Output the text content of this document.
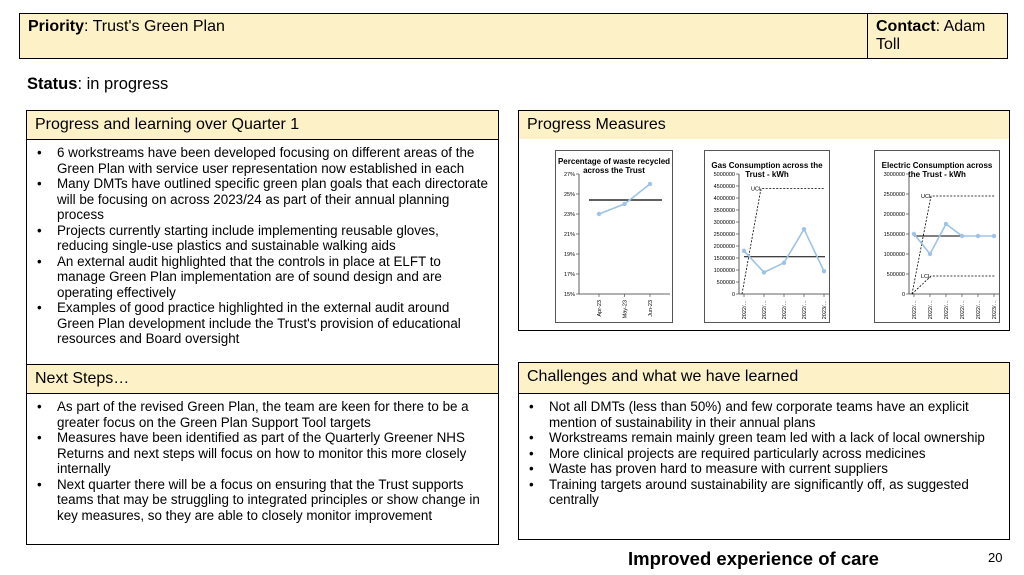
Priority: Trust's Green Plan	Contact: Adam Toll
Status: in progress
Progress and learning over Quarter 1
• 6 workstreams have been developed focusing on different areas of the Green Plan with service user representation now established in each
• Many DMTs have outlined specific green plan goals that each directorate will be focusing on across 2023/24 as part of their annual planning process
• Projects currently starting include implementing reusable gloves, reducing single-use plastics and sustainable walking aids
• An external audit highlighted that the controls in place at ELFT to manage Green Plan implementation are of sound design and are operating effectively
• Examples of good practice highlighted in the external audit around Green Plan development include the Trust's provision of educational resources and Board oversight
Next Steps…
• As part of the revised Green Plan, the team are keen for there to be a greater focus on the Green Plan Support Tool targets
• Measures have been identified as part of the Quarterly Greener NHS Returns and next steps will focus on how to monitor this more closely internally
• Next quarter there will be a focus on ensuring that the Trust supports teams that may be struggling to integrated principles or show change in key measures, so they are able to closely monitor improvement
Progress Measures
Percentage of waste recycled across the Trust
15%
17%
19%
21%
23%
25%
27%
Apr-23	May-23	Jun-23
Gas Consumption across the Trust - kWh
0
500000
1000000
1500000
2000000
2500000
3000000
3500000
4000000
4500000
5000000
2022/…	2022/…	2022/…	2022/…	2023/…
UCL
Electric Consumption across the Trust - kWh
0
500000
1000000
1500000
2000000
2500000
3000000
2022/… 2022/… 2022/… 2022/… 2022/… 2023/…
UCL
LCL
Challenges and what we have learned
• Not all DMTs (less than 50%) and few corporate teams have an explicit mention of sustainability in their annual plans
• Workstreams remain mainly green team led with a lack of local ownership
• More clinical projects are required particularly across medicines
• Waste has proven hard to measure with current suppliers
• Training targets around sustainability are significantly off, as suggested centrally
Improved experience of care	20
